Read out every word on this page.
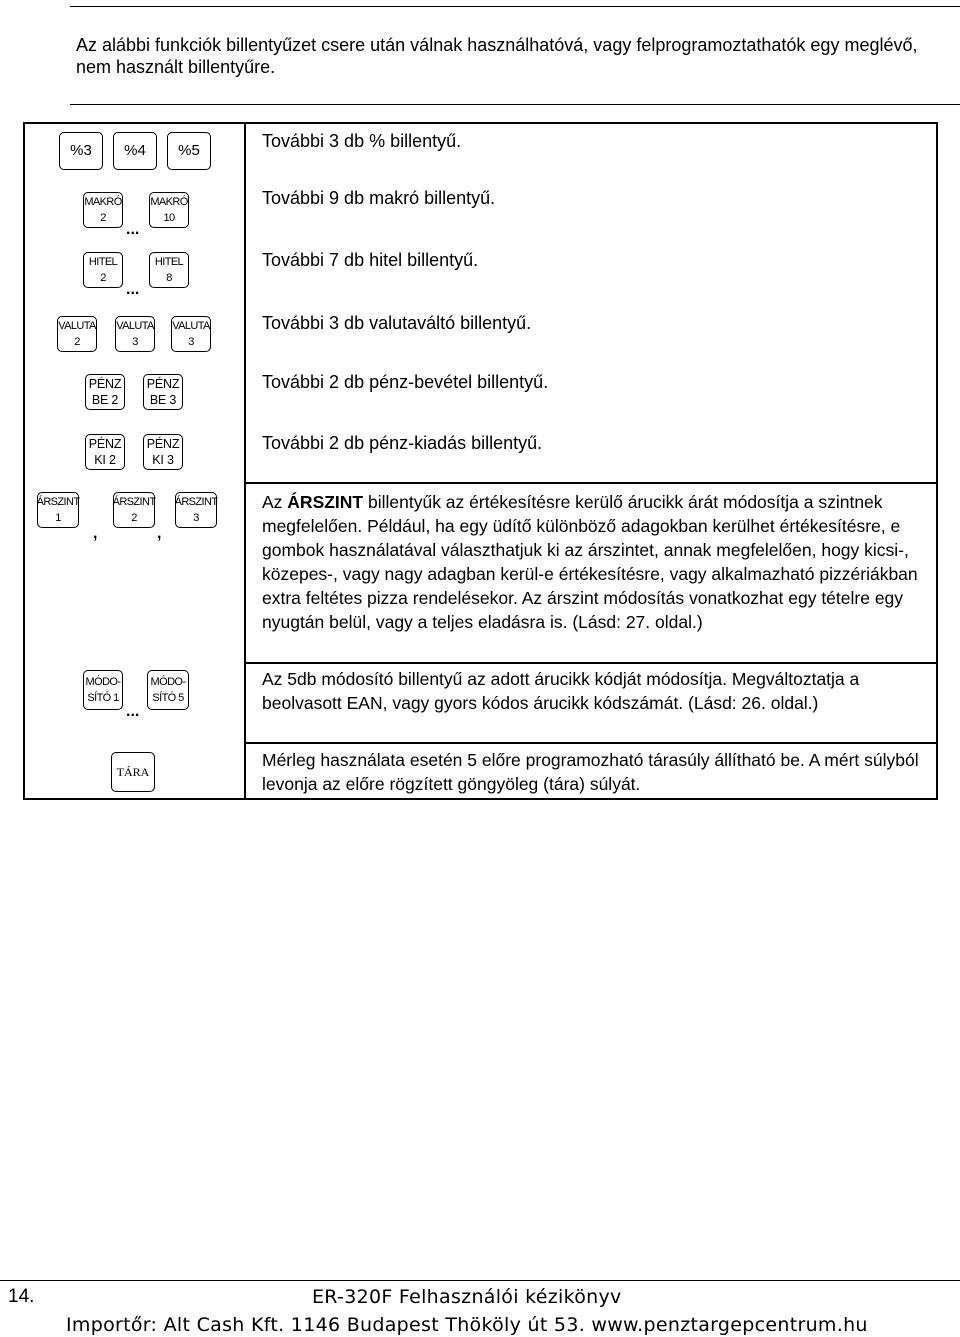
Az alábbi funkciók billentyűzet csere után válnak használhatóvá, vagy felprogramoztathatók egy meglévő, nem használt billentyűre.
%3 %4 %5	További 3 db % billentyű.
MAKRÓ
2
...
MAKRÓ
10
További 9 db makró billentyű.
HITEL
2
...
HITEL
8
További 7 db hitel billentyű.
VALUTA
2
VALUTA
3
VALUTA
3
További 3 db valutaváltó billentyű.
PÉNZ
BE 2
PÉNZ
BE 3
További 2 db pénz-bevétel billentyű.
PÉNZ
KI 2
PÉNZ
KI 3
További 2 db pénz-kiadás billentyű.
ÁRSZINT
1
,
ÁRSZINT
2
,
ÁRSZINT
3
Az ÁRSZINT billentyűk az értékesítésre kerülő árucikk árát módosítja a szintnek megfelelően. Például, ha egy üdítő különböző adagokban kerülhet értékesítésre, e gombok használatával választhatjuk ki az árszintet, annak megfelelően, hogy kicsi-, közepes-, vagy nagy adagban kerül-e értékesítésre, vagy alkalmazható pizzériákban extra feltétes pizza rendelésekor. Az árszint módosítás vonatkozhat egy tételre egy nyugtán belül, vagy a teljes eladásra is. (Lásd: 27. oldal.)
MÓDO-
SÍTÓ 1
...
MÓDO-
SÍTÓ 5
Az 5db módosító billentyű az adott árucikk kódját módosítja. Megváltoztatja a beolvasott EAN, vagy gyors kódos árucikk kódszámát. (Lásd: 26. oldal.)
TÁRA
Mérleg használata esetén 5 előre programozható tárasúly állítható be. A mért súlyból levonja az előre rögzített göngyöleg (tára) súlyát.
14.	ER-320F Felhasználói kézikönyv
Importőr: Alt Cash Kft. 1146 Budapest Thököly út 53. www.penztargepcentrum.hu
